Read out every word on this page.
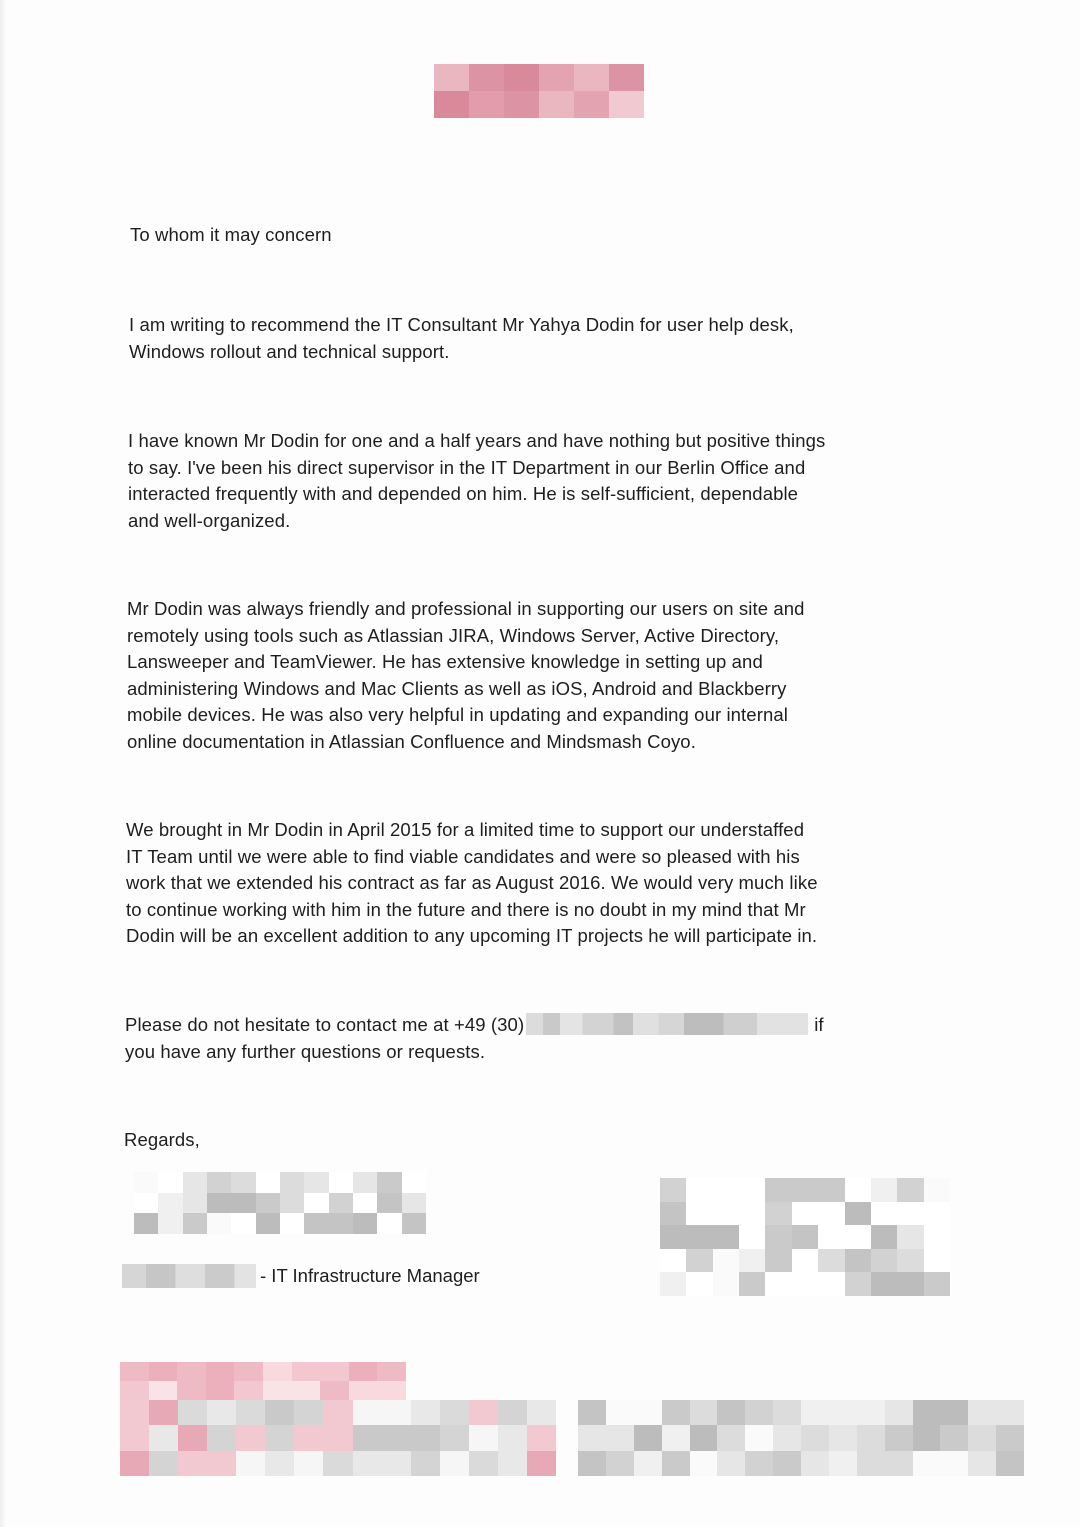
To whom it may concern
I am writing to recommend the IT Consultant Mr Yahya Dodin for user help desk,
Windows rollout and technical support.
I have known Mr Dodin for one and a half years and have nothing but positive things
to say. I've been his direct supervisor in the IT Department in our Berlin Office and
interacted frequently with and depended on him. He is self-sufficient, dependable
and well-organized.
Mr Dodin was always friendly and professional in supporting our users on site and
remotely using tools such as Atlassian JIRA, Windows Server, Active Directory,
Lansweeper and TeamViewer. He has extensive knowledge in setting up and
administering Windows and Mac Clients as well as iOS, Android and Blackberry
mobile devices. He was also very helpful in updating and expanding our internal
online documentation in Atlassian Confluence and Mindsmash Coyo.
We brought in Mr Dodin in April 2015 for a limited time to support our understaffed
IT Team until we were able to find viable candidates and were so pleased with his
work that we extended his contract as far as August 2016. We would very much like
to continue working with him in the future and there is no doubt in my mind that Mr
Dodin will be an excellent addition to any upcoming IT projects he will participate in.
Please do not hesitate to contact me at +49 (30)	if
you have any further questions or requests.
Regards,
- IT Infrastructure Manager
